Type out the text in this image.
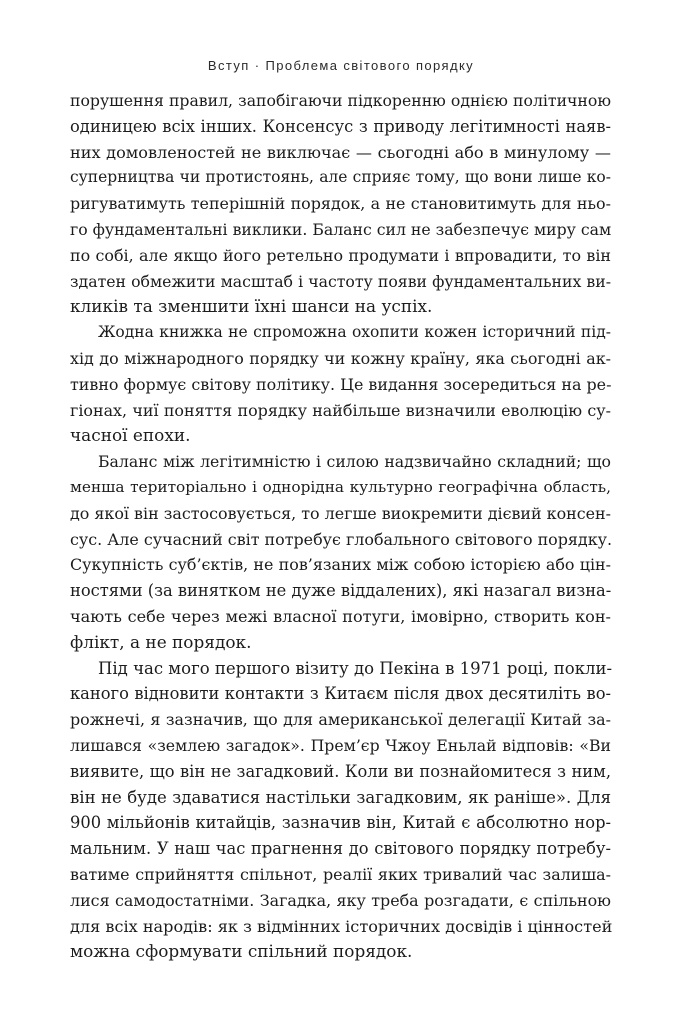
Вступ · Проблема світового порядку
порушення правил, запобігаючи підкоренню однією політичною
одиницею всіх інших. Консенсус з приводу легітимності наяв-
них домовленостей не виключає — сьогодні або в минулому —
суперництва чи протистоянь, але сприяє тому, що вони лише ко-
ригуватимуть теперішній порядок, а не становитимуть для ньо-
го фундаментальні виклики. Баланс сил не забезпечує миру сам
по собі, але якщо його ретельно продумати і впровадити, то він
здатен обмежити масштаб і частоту появи фундаментальних ви-
кликів та зменшити їхні шанси на успіх.
Жодна книжка не спроможна охопити кожен історичний під-
хід до міжнародного порядку чи кожну країну, яка сьогодні ак-
тивно формує світову політику. Це видання зосередиться на ре-
гіонах, чиї поняття порядку найбільше визначили еволюцію су-
часної епохи.
Баланс між легітимністю і силою надзвичайно складний; що
менша територіально і однорідна культурно географічна область,
до якої він застосовується, то легше виокремити дієвий консен-
сус. Але сучасний світ потребує глобального світового порядку.
Сукупність суб’єктів, не пов’язаних між собою історією або цін-
ностями (за винятком не дуже віддалених), які назагал визна-
чають себе через межі власної потуги, імовірно, створить кон-
флікт, а не порядок.
Під час мого першого візиту до Пекіна в 1971 році, покли-
каного відновити контакти з Китаєм після двох десятиліть во-
рожнечі, я зазначив, що для американської делегації Китай за-
лишався «землею загадок». Прем’єр Чжоу Еньлай відповів: «Ви
виявите, що він не загадковий. Коли ви познайомитеся з ним,
він не буде здаватися настільки загадковим, як раніше». Для
900 мільйонів китайців, зазначив він, Китай є абсолютно нор-
мальним. У наш час прагнення до світового порядку потребу-
ватиме сприйняття спільнот, реалії яких тривалий час залиша-
лися самодостатніми. Загадка, яку треба розгадати, є спільною
для всіх народів: як з відмінних історичних досвідів і цінностей
можна сформувати спільний порядок.
